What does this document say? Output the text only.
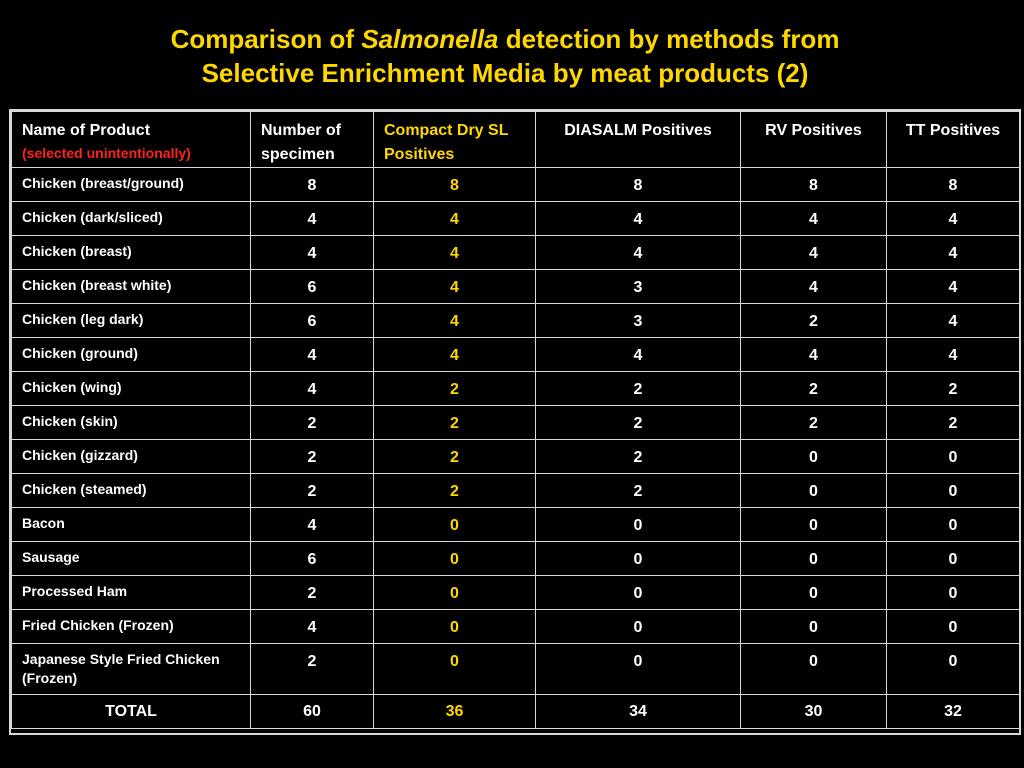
Comparison of Salmonella detection by methods from
Selective Enrichment Media by meat products (2)
Name of Product
(selected unintentionally)	Number of specimen	Compact Dry SL Positives	DIASALM Positives	RV Positives	TT Positives
Chicken (breast/ground)	8	8	8	8	8
Chicken (dark/sliced)	4	4	4	4	4
Chicken (breast)	4	4	4	4	4
Chicken (breast white)	6	4	3	4	4
Chicken (leg dark)	6	4	3	2	4
Chicken (ground)	4	4	4	4	4
Chicken (wing)	4	2	2	2	2
Chicken (skin)	2	2	2	2	2
Chicken (gizzard)	2	2	2	0	0
Chicken (steamed)	2	2	2	0	0
Bacon	4	0	0	0	0
Sausage	6	0	0	0	0
Processed Ham	2	0	0	0	0
Fried Chicken (Frozen)	4	0	0	0	0
Japanese Style Fried Chicken (Frozen)	2	0	0	0	0
TOTAL	60	36	34	30	32
